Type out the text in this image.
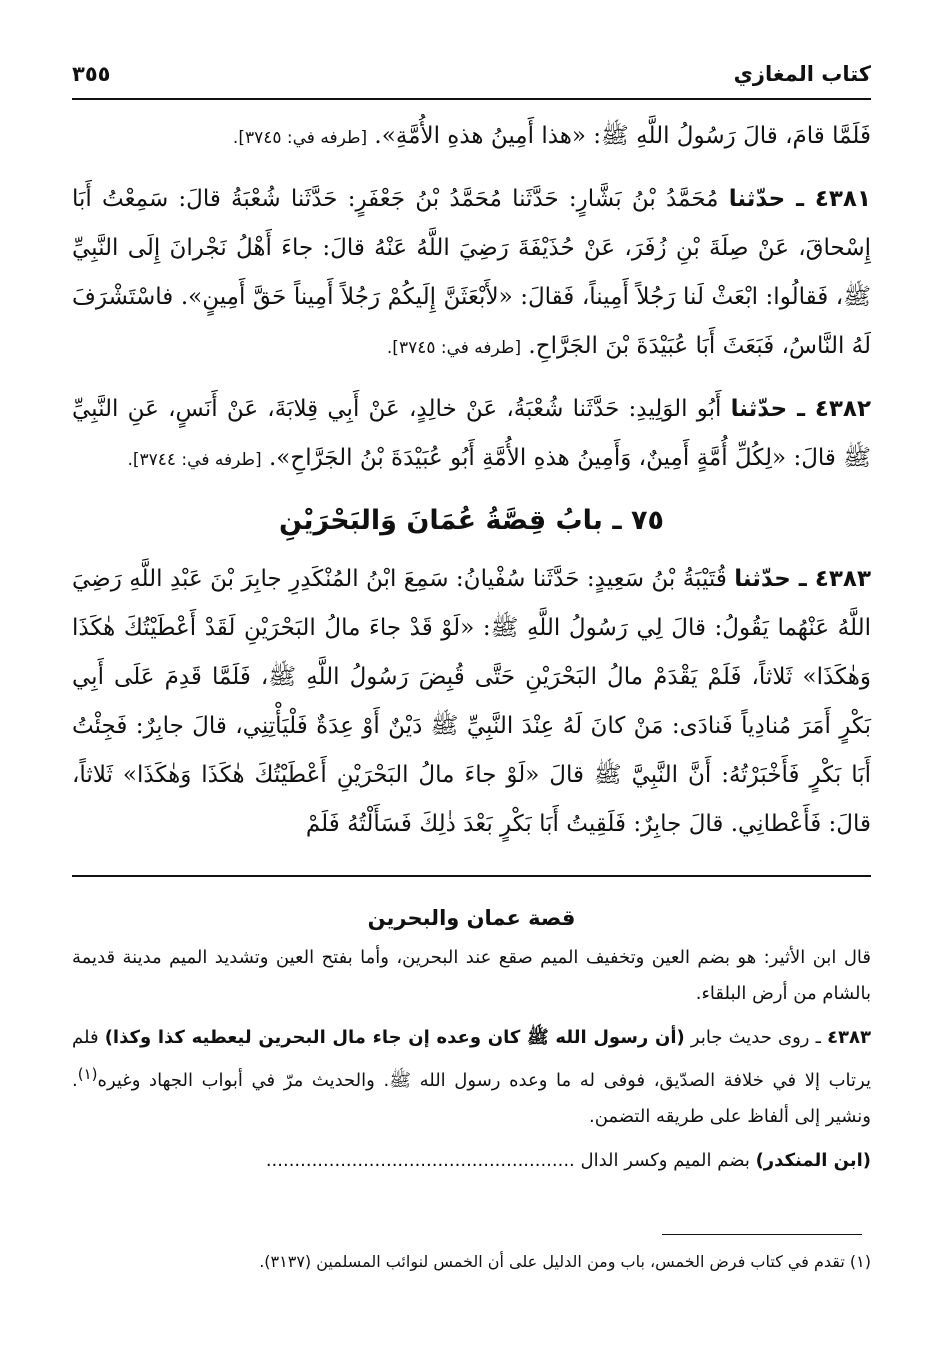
كتاب المغازي
٣٥٥

فَلَمَّا قامَ، قالَ رَسُولُ اللَّهِ ﷺ: «هذا أَمِينُ هذهِ الأُمَّةِ». [طرفه في: ٣٧٤٥].

٤٣٨١ ـ حدّثنا مُحَمَّدُ بْنُ بَشَّارٍ: حَدَّثَنا مُحَمَّدُ بْنُ جَعْفَرٍ: حَدَّثَنا شُعْبَةُ قالَ: سَمِعْتُ أَبَا إِسْحاقَ، عَنْ صِلَةَ بْنِ زُفَرَ، عَنْ حُذَيْفَةَ رَضِيَ اللَّهُ عَنْهُ قالَ: جاءَ أَهْلُ نَجْرانَ إِلَى النَّبِيِّ ﷺ، فَقالُوا: ابْعَثْ لَنا رَجُلاً أَمِيناً، فَقالَ: «لأَبْعَثَنَّ إِلَيكُمْ رَجُلاً أَمِيناً حَقَّ أَمِينٍ». فاسْتَشْرَفَ لَهُ النَّاسُ، فَبَعَثَ أَبَا عُبَيْدَةَ بْنَ الجَرَّاحِ. [طرفه في: ٣٧٤٥].

٤٣٨٢ ـ حدّثنا أَبُو الوَلِيدِ: حَدَّثَنا شُعْبَةُ، عَنْ خالِدٍ، عَنْ أَبِي قِلابَةَ، عَنْ أَنَسٍ، عَنِ النَّبِيِّ ﷺ قالَ: «لِكُلِّ أُمَّةٍ أَمِينٌ، وَأَمِينُ هذهِ الأُمَّةِ أَبُو عُبَيْدَةَ بْنُ الجَرَّاحِ». [طرفه في: ٣٧٤٤].

٧٥ ـ بابُ قِصَّةُ عُمَانَ وَالبَحْرَيْنِ

٤٣٨٣ ـ حدّثنا قُتَيْبَةُ بْنُ سَعِيدٍ: حَدَّثَنا سُفْيانُ: سَمِعَ ابْنُ المُنْكَدِرِ جابِرَ بْنَ عَبْدِ اللَّهِ رَضِيَ اللَّهُ عَنْهُما يَقُولُ: قالَ لِي رَسُولُ اللَّهِ ﷺ: «لَوْ قَدْ جاءَ مالُ البَحْرَيْنِ لَقَدْ أَعْطَيْتُكَ هٰكَذَا وَهٰكَذَا» ثَلاثاً، فَلَمْ يَقْدَمْ مالُ البَحْرَيْنِ حَتَّى قُبِضَ رَسُولُ اللَّهِ ﷺ، فَلَمَّا قَدِمَ عَلَى أَبِي بَكْرٍ أَمَرَ مُنادِياً فَنادَى: مَنْ كانَ لَهُ عِنْدَ النَّبِيِّ ﷺ دَيْنٌ أَوْ عِدَةٌ فَلْيَأْتِنِي، قالَ جابِرٌ: فَجِئْتُ أَبَا بَكْرٍ فَأَخْبَرْتُهُ: أَنَّ النَّبِيَّ ﷺ قالَ «لَوْ جاءَ مالُ البَحْرَيْنِ أَعْطَيْتُكَ هٰكَذَا وَهٰكَذَا» ثَلاثاً، قالَ: فَأَعْطانِي. قالَ جابِرٌ: فَلَقِيتُ أَبَا بَكْرٍ بَعْدَ ذٰلِكَ فَسَأَلْتُهُ فَلَمْ

قصة عمان والبحرين

قال ابن الأثير: هو بضم العين وتخفيف الميم صقع عند البحرين، وأما بفتح العين وتشديد الميم مدينة قديمة بالشام من أرض البلقاء.

٤٣٨٣ ـ روى حديث جابر (أن رسول الله ﷺ كان وعده إن جاء مال البحرين ليعطيه كذا وكذا) فلم يرتاب إلا في خلافة الصدّيق، فوفى له ما وعده رسول الله ﷺ. والحديث مرّ في أبواب الجهاد وغيره$^{(١)}$. ونشير إلى ألفاظ على طريقه التضمن.

(ابن المنكدر) بضم الميم وكسر الدال ......................................................

(١) تقدم في كتاب فرض الخمس، باب ومن الدليل على أن الخمس لنوائب المسلمين (٣١٣٧).
